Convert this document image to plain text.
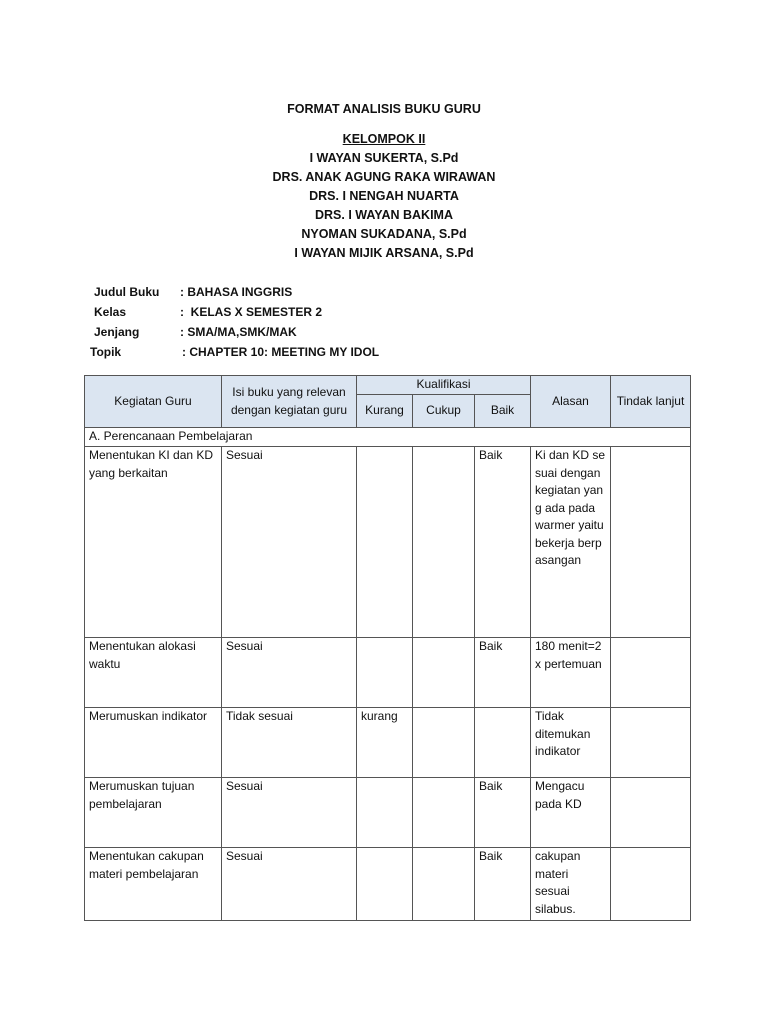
FORMAT ANALISIS BUKU GURU
KELOMPOK II
I WAYAN SUKERTA, S.Pd
DRS. ANAK AGUNG RAKA WIRAWAN
DRS. I NENGAH NUARTA
DRS. I WAYAN BAKIMA
NYOMAN SUKADANA, S.Pd
I WAYAN MIJIK ARSANA, S.Pd
Judul Buku : BAHASA INGGRIS
Kelas	:  KELAS X SEMESTER 2
Jenjang	: SMA/MA,SMK/MAK
Topik	: CHAPTER 10: MEETING MY IDOL
Kegiatan Guru	Isi buku yang relevan dengan kegiatan guru	Kualifikasi			Alasan	Tindak lanjut
		Kurang	Cukup	Baik		
A. Perencanaan Pembelajaran						
Menentukan KI dan KD yang berkaitan	Sesuai			Baik	Ki dan KD sesuai dengan kegiatan yang ada pada warmer yaitu bekerja berpasangan	
Menentukan alokasi waktu	Sesuai			Baik	180 menit=2 x pertemuan	
Merumuskan indikator	Tidak sesuai	kurang			Tidak ditemukan indikator	
Merumuskan tujuan pembelajaran	Sesuai			Baik	Mengacu pada KD	
Menentukan cakupan materi pembelajaran	Sesuai			Baik	cakupan materi sesuai silabus.	
